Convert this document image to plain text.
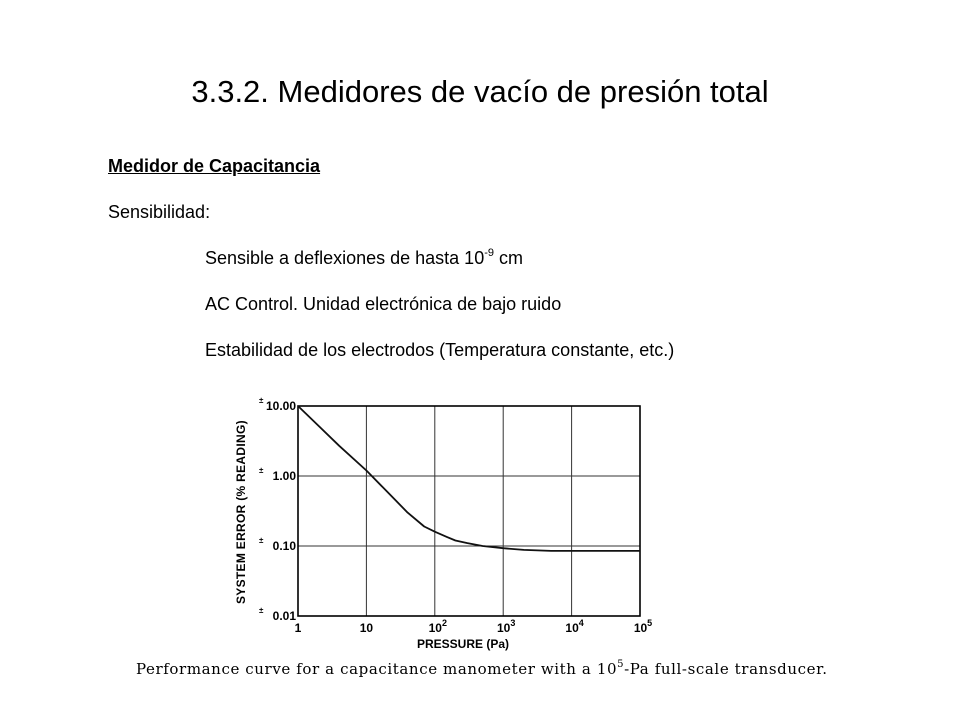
3.3.2. Medidores de vacío de presión total
Medidor de Capacitancia
Sensibilidad:
Sensible a deflexiones de hasta $10^{-9}$ cm
AC Control. Unidad electrónica de bajo ruido
Estabilidad de los electrodos (Temperatura constante, etc.)
± 10.00
± 1.00
± 0.10
± 0.01
1	10	$10^2$	$10^3$	$10^4$	$10^5$
SYSTEM ERROR (% READING)
PRESSURE (Pa)
Performance curve for a capacitance manometer with a $10^5-Pa$ full-scale transducer.
